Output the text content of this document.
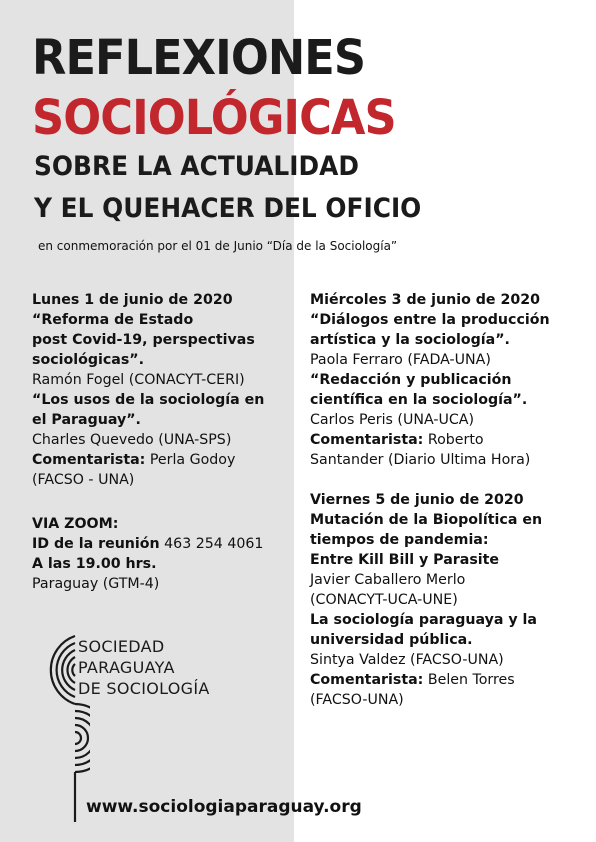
REFLEXIONES
SOCIOLÓGICAS
SOBRE LA ACTUALIDAD
Y EL QUEHACER DEL OFICIO
en conmemoración por el 01 de Junio “Día de la Sociología”
Lunes 1 de junio de 2020
“Reforma de Estado
post Covid-19, perspectivas
sociológicas”.
Ramón Fogel (CONACYT-CERI)
“Los usos de la sociología en
el Paraguay”.
Charles Quevedo (UNA-SPS)
Comentarista: Perla Godoy
(FACSO - UNA)
VIA ZOOM:
ID de la reunión 463 254 4061
A las 19.00 hrs.
Paraguay (GTM-4)
Miércoles 3 de junio de 2020
“Diálogos entre la producción
artística y la sociología”.
Paola Ferraro (FADA-UNA)
“Redacción y publicación
científica en la sociología”.
Carlos Peris (UNA-UCA)
Comentarista: Roberto
Santander (Diario Ultima Hora)
Viernes 5 de junio de 2020
Mutación de la Biopolítica en
tiempos de pandemia:
Entre Kill Bill y Parasite
Javier Caballero Merlo
(CONACYT-UCA-UNE)
La sociología paraguaya y la
universidad pública.
Sintya Valdez (FACSO-UNA)
Comentarista: Belen Torres
(FACSO-UNA)
SOCIEDAD
PARAGUAYA
DE SOCIOLOGÍA
www.sociologiaparaguay.org
